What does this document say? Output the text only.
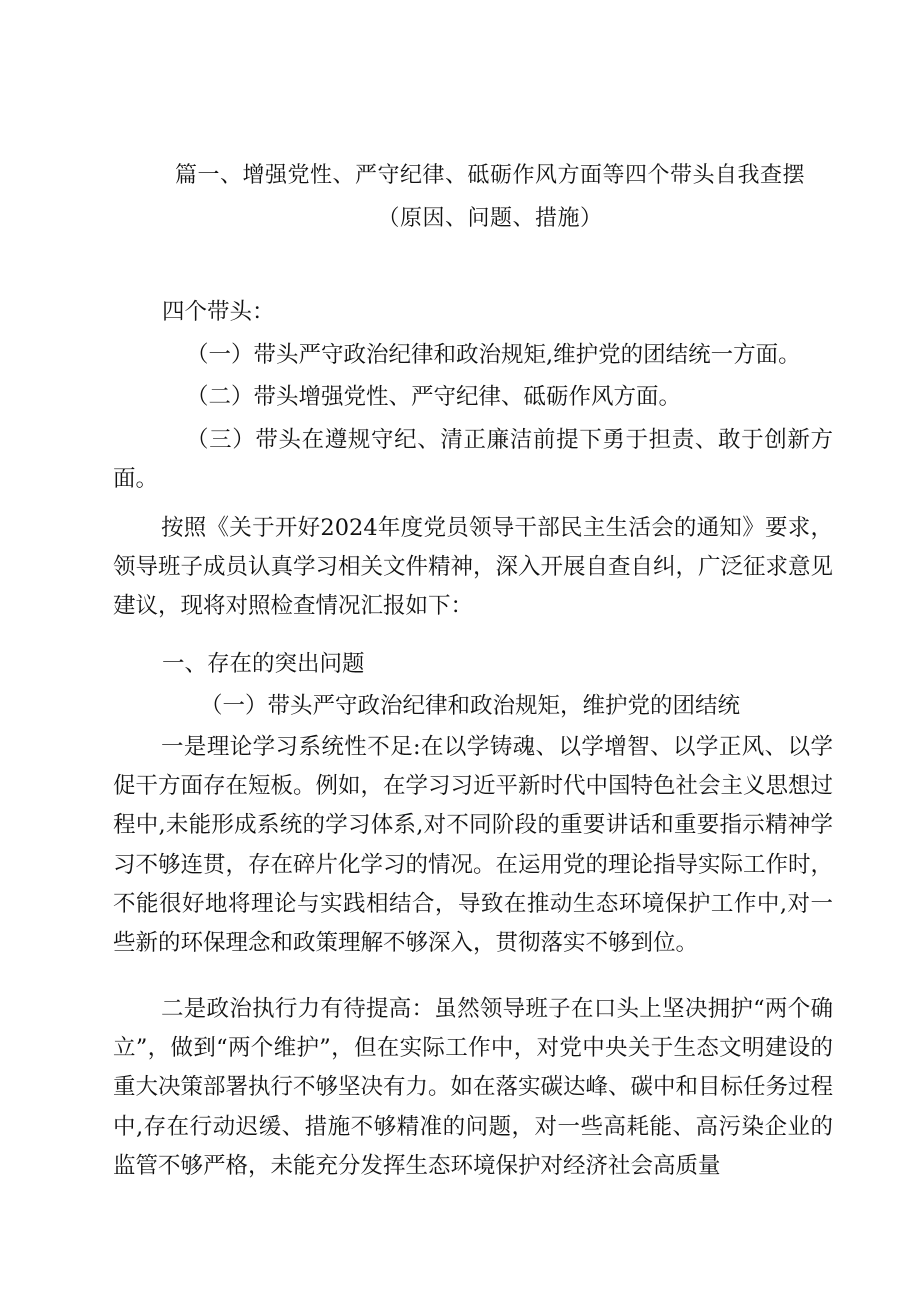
篇一、增强党性、严守纪律、砥砺作风方面等四个带头自我查摆
（原因、问题、措施）
四个带头：
（一）带头严守政治纪律和政治规矩,维护党的团结统一方面。
（二）带头增强党性、严守纪律、砥砺作风方面。

（三）带头在遵规守纪、清正廉洁前提下勇于担责、敢于创新方面。

按照《关于开好2024年度党员领导干部民主生活会的通知》要求，领导班子成员认真学习相关文件精神，深入开展自查自纠，广泛征求意见建议，现将对照检查情况汇报如下：

一、存在的突出问题
（一）带头严守政治纪律和政治规矩，维护党的团结统

一是理论学习系统性不足:在以学铸魂、以学增智、以学正风、以学促干方面存在短板。例如，在学习习近平新时代中国特色社会主义思想过程中,未能形成系统的学习体系,对不同阶段的重要讲话和重要指示精神学习不够连贯，存在碎片化学习的情况。在运用党的理论指导实际工作时，不能很好地将理论与实践相结合，导致在推动生态环境保护工作中,对一些新的环保理念和政策理解不够深入，贯彻落实不够到位。

二是政治执行力有待提高：虽然领导班子在口头上坚决拥护“两个确立”，做到“两个维护”，但在实际工作中，对党中央关于生态文明建设的重大决策部署执行不够坚决有力。如在落实碳达峰、碳中和目标任务过程中,存在行动迟缓、措施不够精准的问题，对一些高耗能、高污染企业的监管不够严格，未能充分发挥生态环境保护对经济社会高质量
